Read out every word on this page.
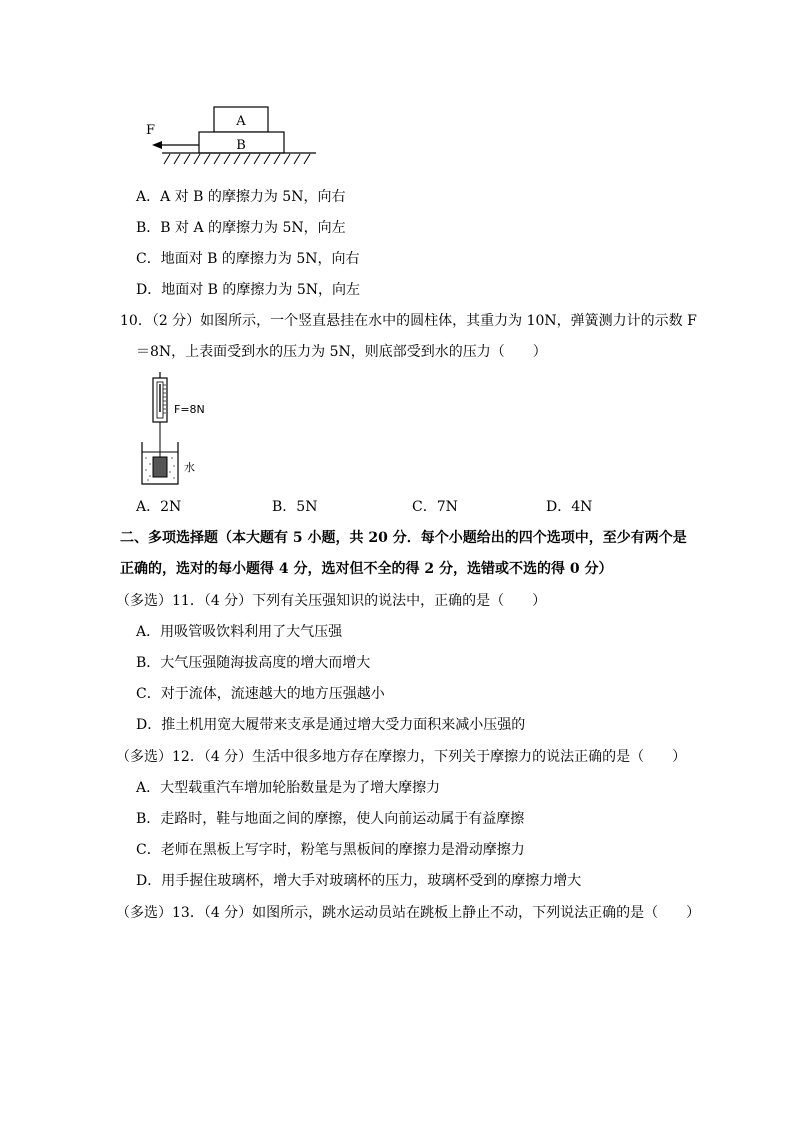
A
B
F
A．A 对 B 的摩擦力为 5N，向右
B．B 对 A 的摩擦力为 5N，向左
C．地面对 B 的摩擦力为 5N，向右
D．地面对 B 的摩擦力为 5N，向左
10．（2 分）如图所示，一个竖直悬挂在水中的圆柱体，其重力为 10N，弹簧测力计的示数 F
＝8N，上表面受到水的压力为 5N，则底部受到水的压力（　　）
F=8N
水
A．2N	B．5N	C．7N	D．4N
二、多项选择题（本大题有 5 小题，共 20 分．每个小题给出的四个选项中，至少有两个是
正确的，选对的每小题得 4 分，选对但不全的得 2 分，选错或不选的得 0 分）
（多选）11．（4 分）下列有关压强知识的说法中，正确的是（　　）
A．用吸管吸饮料利用了大气压强
B．大气压强随海拔高度的增大而增大
C．对于流体，流速越大的地方压强越小
D．推土机用宽大履带来支承是通过增大受力面积来减小压强的
（多选）12．（4 分）生活中很多地方存在摩擦力，下列关于摩擦力的说法正确的是（　　）
A．大型载重汽车增加轮胎数量是为了增大摩擦力
B．走路时，鞋与地面之间的摩擦，使人向前运动属于有益摩擦
C．老师在黑板上写字时，粉笔与黑板间的摩擦力是滑动摩擦力
D．用手握住玻璃杯，增大手对玻璃杯的压力，玻璃杯受到的摩擦力增大
（多选）13．（4 分）如图所示，跳水运动员站在跳板上静止不动，下列说法正确的是（　　）
